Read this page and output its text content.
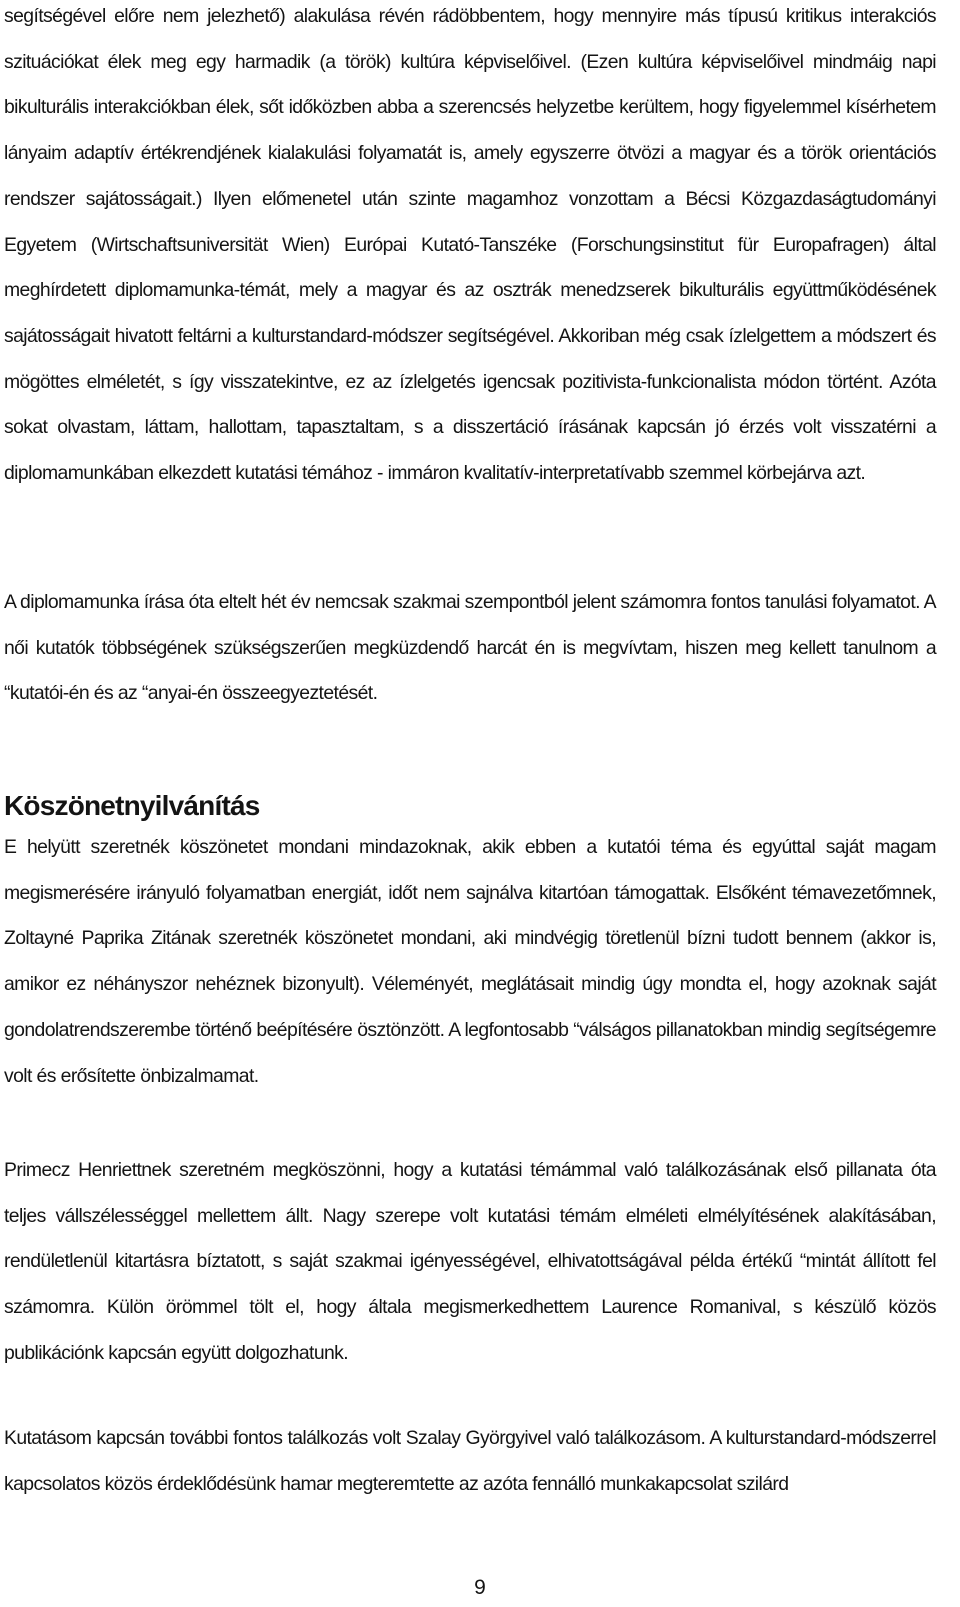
segítségével előre nem jelezhető) alakulása révén rádöbbentem, hogy mennyire más típusú kritikus interakciós szituációkat élek meg egy harmadik (a török) kultúra képviselőivel. (Ezen kultúra képviselőivel mindmáig napi bikulturális interakciókban élek, sőt időközben abba a szerencsés helyzetbe kerültem, hogy figyelemmel kísérhetem lányaim adaptív értékrendjének kialakulási folyamatát is, amely egyszerre ötvözi a magyar és a török orientációs rendszer sajátosságait.) Ilyen előmenetel után szinte magamhoz vonzottam a Bécsi Közgazdaságtudományi Egyetem (Wirtschaftsuniversität Wien) Európai Kutató-Tanszéke (Forschungsinstitut für Europafragen) által meghírdetett diplomamunka-témát, mely a magyar és az osztrák menedzserek bikulturális együttműködésének sajátosságait hivatott feltárni a kulturstandard-módszer segítségével. Akkoriban még csak ízlelgettem a módszert és mögöttes elméletét, s így visszatekintve, ez az ízlelgetés igencsak pozitivista-funkcionalista módon történt. Azóta sokat olvastam, láttam, hallottam, tapasztaltam, s a disszertáció írásának kapcsán jó érzés volt visszatérni a diplomamunkában elkezdett kutatási témához - immáron kvalitatív-interpretatívabb szemmel körbejárva azt.

A diplomamunka írása óta eltelt hét év nemcsak szakmai szempontból jelent számomra fontos tanulási folyamatot. A női kutatók többségének szükségszerűen megküzdendő harcát én is megvívtam, hiszen meg kellett tanulnom a “kutatói-én és az “anyai-én összeegyeztetését.

Köszönetnyilvánítás

E helyütt szeretnék köszönetet mondani mindazoknak, akik ebben a kutatói téma és egyúttal saját magam megismerésére irányuló folyamatban energiát, időt nem sajnálva kitartóan támogattak. Elsőként témavezetőmnek, Zoltayné Paprika Zitának szeretnék köszönetet mondani, aki mindvégig töretlenül bízni tudott bennem (akkor is, amikor ez néhányszor nehéznek bizonyult). Véleményét, meglátásait mindig úgy mondta el, hogy azoknak saját gondolatrendszerembe történő beépítésére ösztönzött. A legfontosabb “válságos pillanatokban mindig segítségemre volt és erősítette önbizalmamat.

Primecz Henriettnek szeretném megköszönni, hogy a kutatási témámmal való találkozásának első pillanata óta teljes vállszélességgel mellettem állt. Nagy szerepe volt kutatási témám elméleti elmélyítésének alakításában, rendületlenül kitartásra bíztatott, s saját szakmai igényességével, elhivatottságával példa értékű “mintát állított fel számomra. Külön örömmel tölt el, hogy általa megismerkedhettem Laurence Romanival, s készülő közös publikációnk kapcsán együtt dolgozhatunk.

Kutatásom kapcsán további fontos találkozás volt Szalay Györgyivel való találkozásom. A kulturstandard-módszerrel kapcsolatos közös érdeklődésünk hamar megteremtette az azóta fennálló munkakapcsolat szilárd

9
